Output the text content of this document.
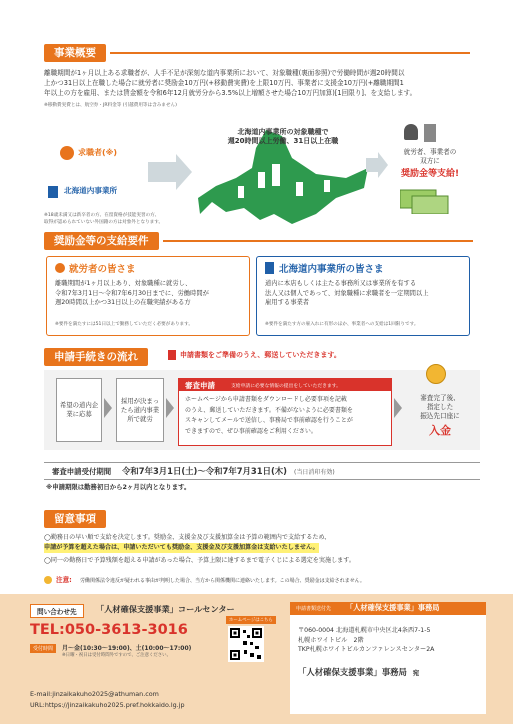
事業概要
離職期間が1ヶ月以上ある求職者が、人手不足が深刻な道内事業所において、対象職種(裏面参照)で労働時間が週20時間以
上かつ31日以上在職した場合に就労者に奨励金10万円(+移動費実費)を上限10万円、事業者に支援金10万円(+離職期間1
年以上の方を雇用、または賃金額を令和6年12月就労分から3.5%以上増額させた場合10万円加算)[1回限り]、を支給します。
※移動費実費とは、航空券・JR料金等 (引越費用等は含みません)
求職者(※)
北海道内事業所
※18歳未満又は新卒者の方、在留資格が技能実習の方、
取得が認められていない外国籍の方は対象外となります。
北海道内事業所の対象職種で
週20時間以上労働、31日以上在職
就労者、事業者の
双方に
奨励金等支給!
奨励金等の支給要件
就労者の皆さま
離職期間が1ヶ月以上あり、対象職種に就労し、
令和7年3月1日〜令和7年6月30日までに、労働時間が
週20時間以上かつ31日以上の在職実績がある方
※要件を満たすには51日以上で勤務していただく必要があります。
北海道内事業所の皆さま
道内に本店もしくは主たる事務所又は事業所を有する
法人又は個人であって、対象職種に求職者を一定期間以上
雇用する事業者
※要件を満たす方の雇入れに有形のほか、事業者への支給は1回限りです。
申請手続きの流れ	申請書類をご準備のうえ、郵送していただきます。
希望の道内企業に応募
採用が決まったら道内事業所で就労
審査申請	支給申請に必要な情報の提出をしていただきます。
ホームページから申請書類をダウンロードし必要事項を記載
のうえ、郵送していただきます。不備がないように必要書類を
スキャンしてメールで送信し、事務局で事前確認を行うことが
できますので、ぜひ事前確認をご利用ください。
審査完了後、
指定した
振込先口座に
入金
審査申請受付期間 令和7年3月1日(土)〜令和7年7月31日(木) (当日消印有効)
※申請期限は勤務初日から2ヶ月以内となります。
留意事項
◯勤務日の早い順で支給を決定します。奨励金、支援金及び支援加算金は予算の範囲内で支給するため、
申請が予算を超えた場合は、申請いただいても奨励金、支援金及び支援加算金は支給いたしません。
◯同一の勤務日で予算残額を超える申請があった場合、予算上限に達するまで電子くじによる選定を実施します。
注意: 労働関係法令違反が疑われる事由が判明した場合、当方から関係機関に連絡いたします。この場合、奨励金は支給されません。
問い合わせ先	「人材確保支援事業」コールセンター
TEL:050-3613-3016
受付時間	月〜金(10:30〜19:00)、土(10:00〜17:00)
※日曜・祝日は受付時間外ですので、ご注意ください。
E-mail:jinzaikakuho2025@athuman.com
URL:https://jinzaikakuho2025.pref.hokkaido.lg.jp
ホームページはこちら
申請書類送付先 「人材確保支援事業」事務局
〒060-0004 北海道札幌市中央区北4条西7-1-5
札幌ホワイトビル　2階
TKP札幌ホワイトビルカンファレンスセンター2A
「人材確保支援事業」事務局 宛
